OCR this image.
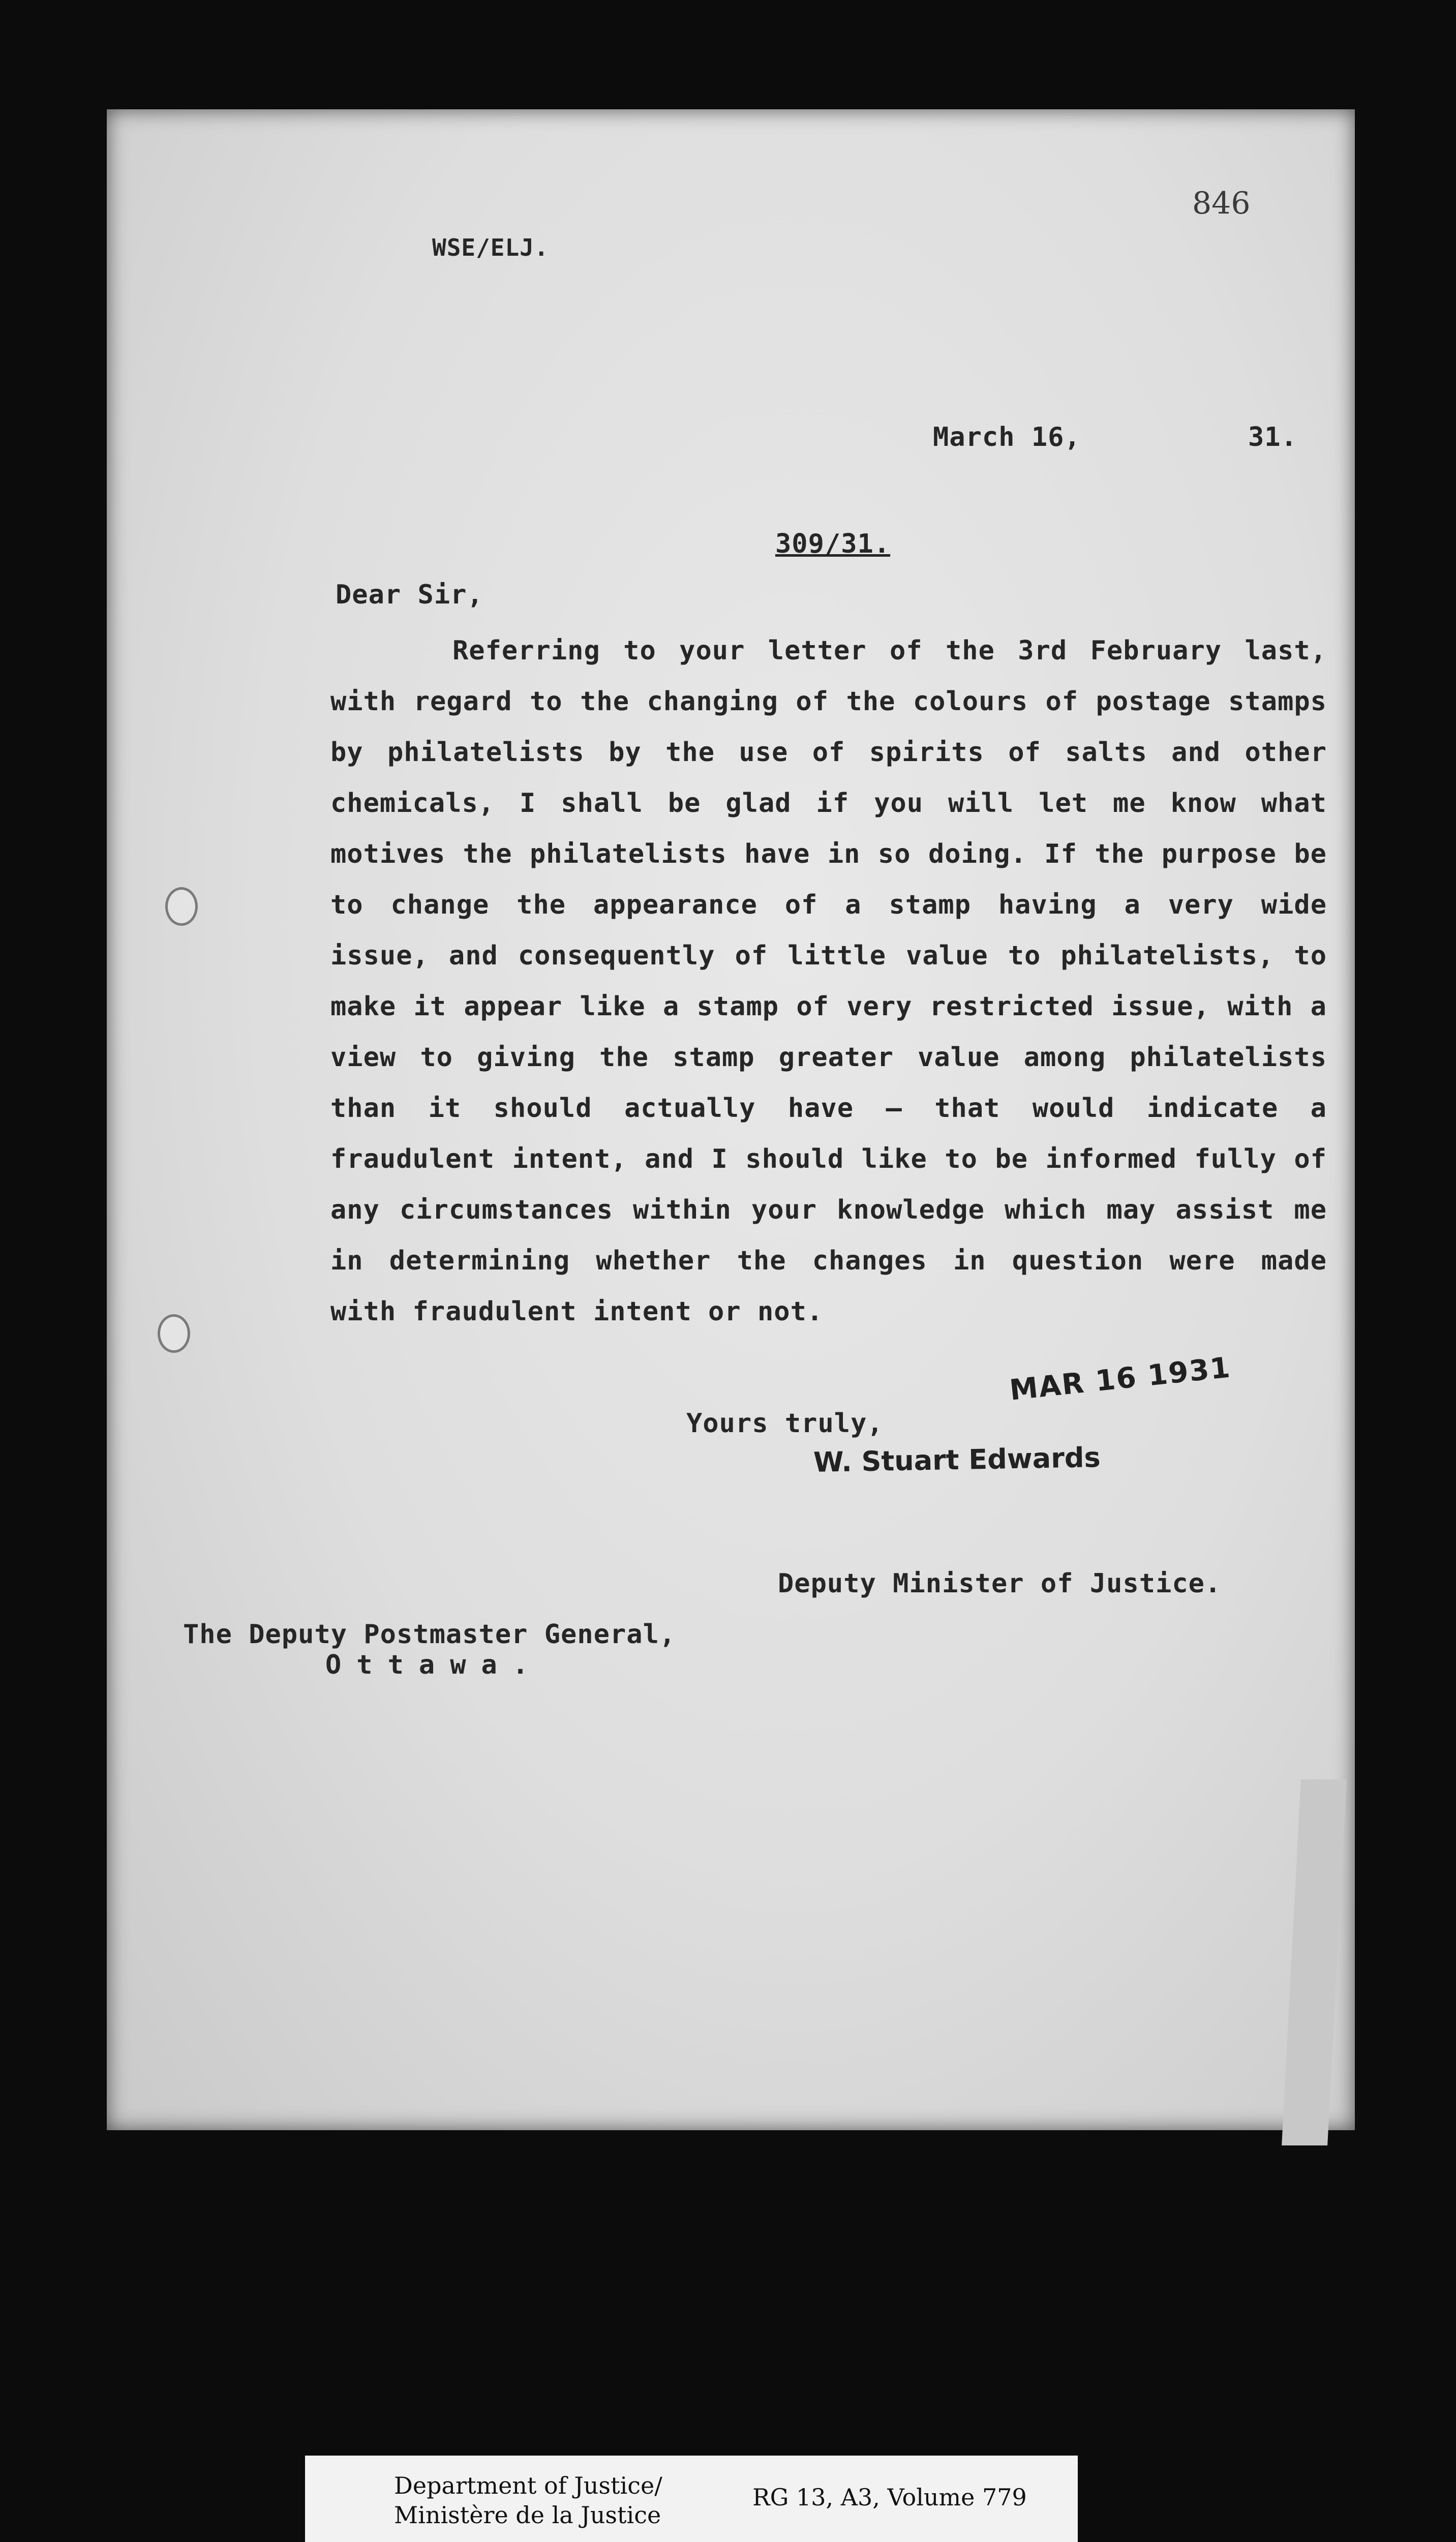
846
WSE/ELJ.
March 16,	31.
309/31.
Dear Sir,

Referring to your letter of the 3rd February last, with regard to the changing of the colours of postage stamps by philatelists by the use of spirits of salts and other chemicals, I shall be glad if you will let me know what motives the philatelists have in so doing. If the purpose be to change the appearance of a stamp having a very wide issue, and consequently of little value to philatelists, to make it appear like a stamp of very restricted issue, with a view to giving the stamp greater value among philatelists than it should actually have — that would indicate a fraudulent intent, and I should like to be informed fully of any circumstances within your knowledge which may assist me in determining whether the changes in question were made with fraudulent intent or not.

MAR 16 1931
Yours truly,
W. Stuart Edwards
Deputy Minister of Justice.
The Deputy Postmaster General,
Ottawa.
Department of Justice/
Ministère de la Justice
RG 13, A3, Volume 779
